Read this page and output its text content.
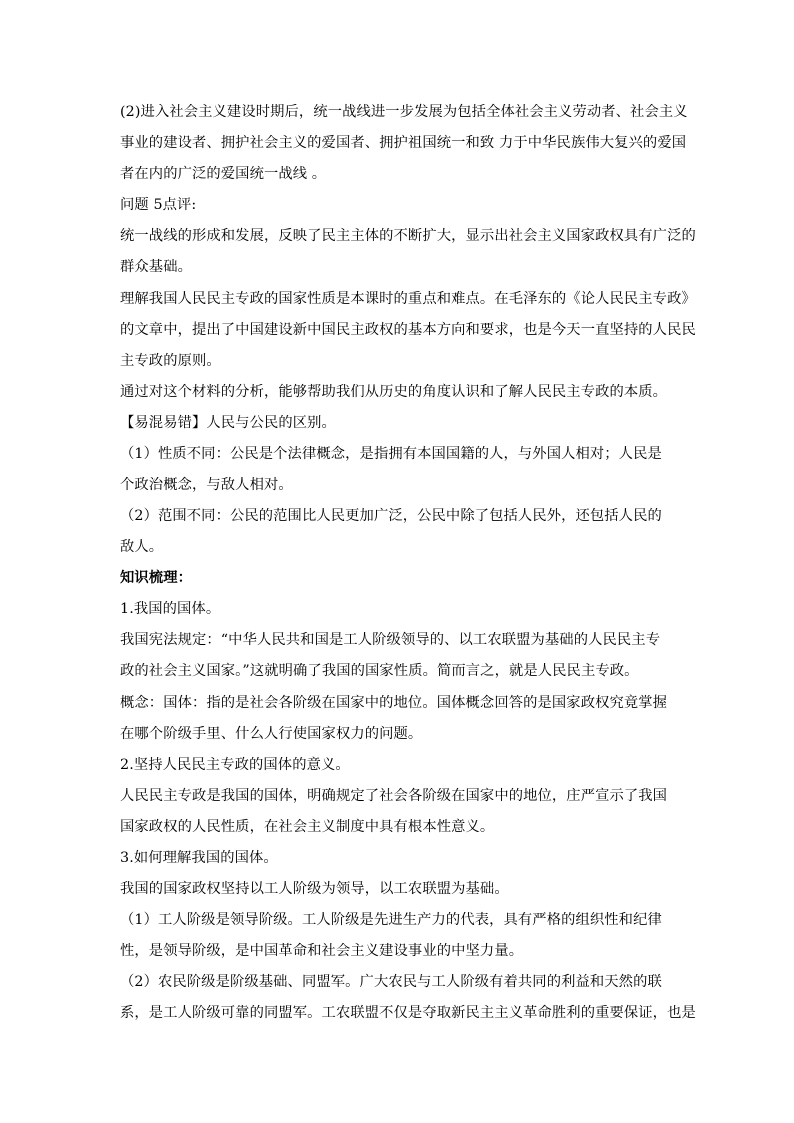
(2)进入社会主义建设时期后，统一战线进一步发展为包括全体社会主义劳动者、社会主义
事业的建设者、拥护社会主义的爱国者、拥护祖国统一和致 力于中华民族伟大复兴的爱国
者在内的广泛的爱国统一战线 。
问题 5点评:
统一战线的形成和发展，反映了民主主体的不断扩大，显示出社会主义国家政权具有广泛的
群众基础。
理解我国人民民主专政的国家性质是本课时的重点和难点。在毛泽东的《论人民民主专政》
的文章中，提出了中国建设新中国民主政权的基本方向和要求，也是今天一直坚持的人民民
主专政的原则。
通过对这个材料的分析，能够帮助我们从历史的角度认识和了解人民民主专政的本质。
【易混易错】人民与公民的区别。
（1）性质不同：公民是个法律概念，是指拥有本国国籍的人，与外国人相对；人民是
个政治概念，与敌人相对。
（2）范围不同：公民的范围比人民更加广泛，公民中除了包括人民外，还包括人民的
敌人。
知识梳理：
1.我国的国体。
我国宪法规定：“中华人民共和国是工人阶级领导的、以工农联盟为基础的人民民主专
政的社会主义国家。”这就明确了我国的国家性质。简而言之，就是人民民主专政。
概念：国体：指的是社会各阶级在国家中的地位。国体概念回答的是国家政权究竟掌握
在哪个阶级手里、什么人行使国家权力的问题。
2.坚持人民民主专政的国体的意义。
人民民主专政是我国的国体，明确规定了社会各阶级在国家中的地位，庄严宣示了我国
国家政权的人民性质，在社会主义制度中具有根本性意义。
3.如何理解我国的国体。
我国的国家政权坚持以工人阶级为领导，以工农联盟为基础。
（1）工人阶级是领导阶级。工人阶级是先进生产力的代表，具有严格的组织性和纪律
性，是领导阶级，是中国革命和社会主义建设事业的中坚力量。
（2）农民阶级是阶级基础、同盟军。广大农民与工人阶级有着共同的利益和天然的联
系，是工人阶级可靠的同盟军。工农联盟不仅是夺取新民主主义革命胜利的重要保证，也是
